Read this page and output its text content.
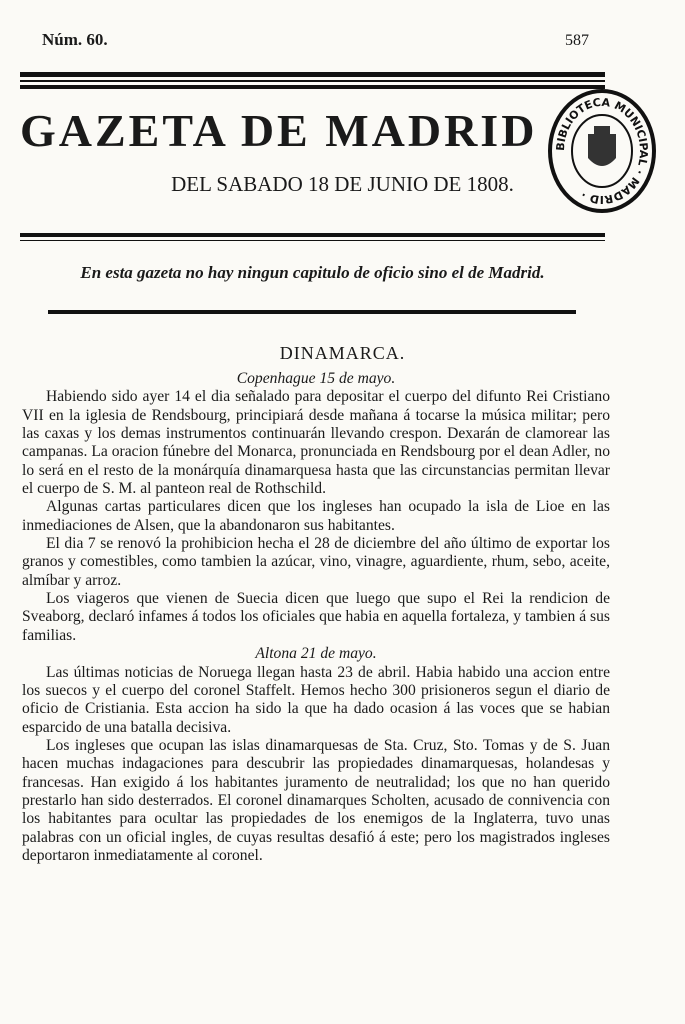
Núm. 60.	587
GAZETA DE MADRID
DEL SABADO 18 DE JUNIO DE 1808.
En esta gazeta no hay ningun capitulo de oficio sino el de Madrid.
DINAMARCA.

Copenhague 15 de mayo.

Habiendo sido ayer 14 el dia señalado para depositar el cuerpo del difunto Rei Cristiano VII en la iglesia de Rendsbourg, principiará desde mañana á tocarse la música militar; pero las caxas y los demas instrumentos continuarán llevando crespon. Dexarán de clamorear las campanas. La oracion fúnebre del Monarca, pronunciada en Rendsbourg por el dean Adler, no lo será en el resto de la monárquía dinamarquesa hasta que las circunstancias permitan llevar el cuerpo de S. M. al panteon real de Rothschild.

Algunas cartas particulares dicen que los ingleses han ocupado la isla de Lioe en las inmediaciones de Alsen, que la abandonaron sus habitantes.

El dia 7 se renovó la prohibicion hecha el 28 de diciembre del año último de exportar los granos y comestibles, como tambien la azúcar, vino, vinagre, aguardiente, rhum, sebo, aceite, almíbar y arroz.

Los viageros que vienen de Suecia dicen que luego que supo el Rei la rendicion de Sveaborg, declaró infames á todos los oficiales que habia en aquella fortaleza, y tambien á sus familias.

Altona 21 de mayo.

Las últimas noticias de Noruega llegan hasta 23 de abril. Habia habido una accion entre los suecos y el cuerpo del coronel Staffelt. Hemos hecho 300 prisioneros segun el diario de oficio de Cristiania. Esta accion ha sido la que ha dado ocasion á las voces que se habian esparcido de una batalla decisiva.

Los ingleses que ocupan las islas dinamarquesas de Sta. Cruz, Sto. Tomas y de S. Juan hacen muchas indagaciones para descubrir las propiedades dinamarquesas, holandesas y francesas. Han exigido á los habitantes juramento de neutralidad; los que no han querido prestarlo han sido desterrados. El coronel dinamarques Scholten, acusado de connivencia con los habitantes para ocultar las propiedades de los enemigos de la Inglaterra, tuvo unas palabras con un oficial ingles, de cuyas resultas desafió á este; pero los magistrados ingleses deportaron inmediatamente al coronel.

BIBLIOTECA MUNICIPAL · MADRID ·
